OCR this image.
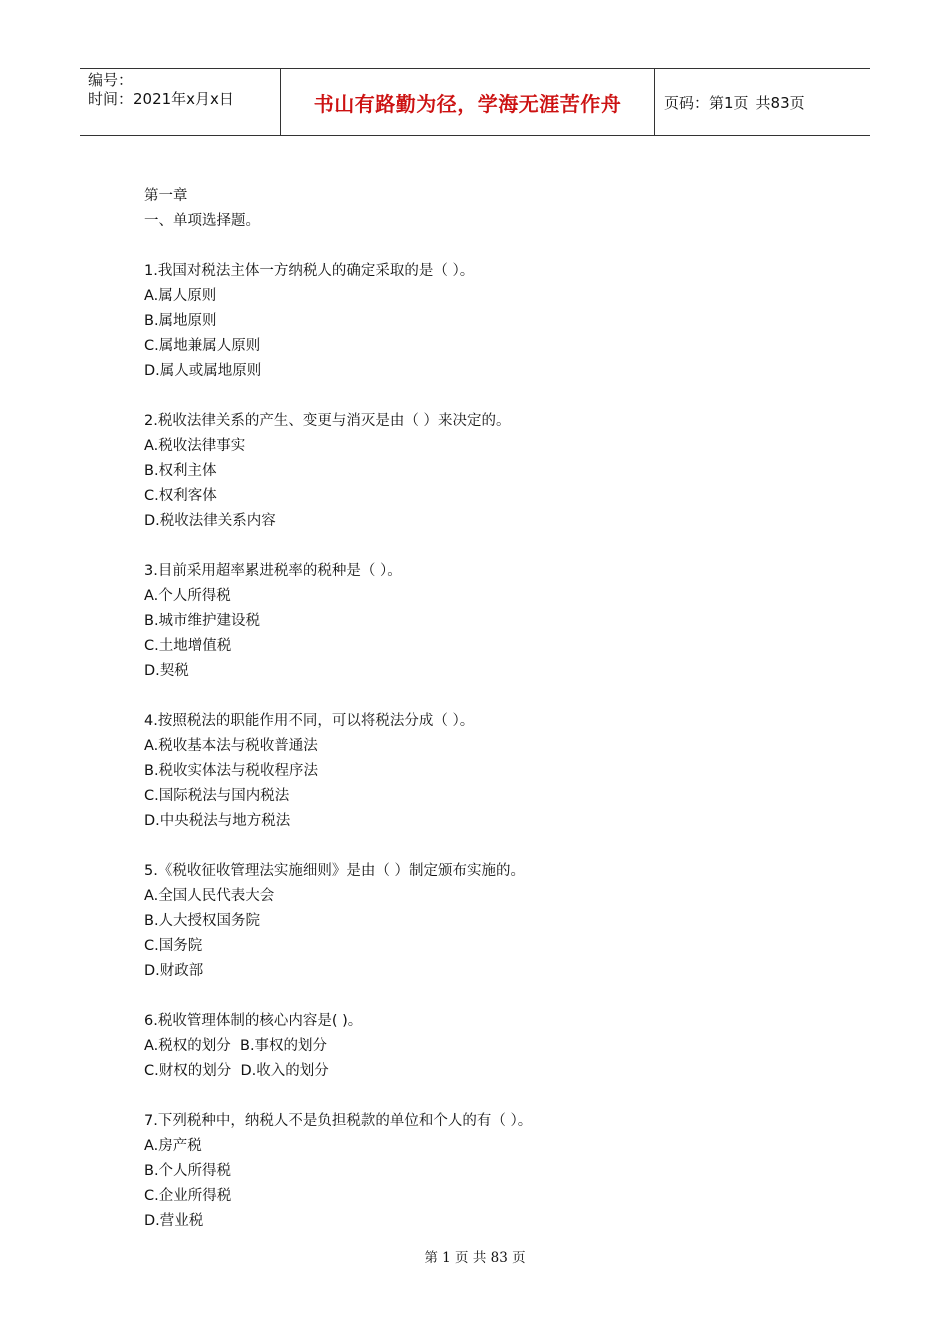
编号：
时间：2021年x月x日	书山有路勤为径，学海无涯苦作舟	页码：第1页 共83页

第一章

一、单项选择题。

1.我国对税法主体一方纳税人的确定采取的是（ ）。

A.属人原则

B.属地原则

C.属地兼属人原则

D.属人或属地原则

2.税收法律关系的产生、变更与消灭是由（ ）来决定的。

A.税收法律事实

B.权利主体

C.权利客体

D.税收法律关系内容

3.目前采用超率累进税率的税种是（ ）。

A.个人所得税

B.城市维护建设税

C.土地增值税

D.契税

4.按照税法的职能作用不同，可以将税法分成（ ）。

A.税收基本法与税收普通法

B.税收实体法与税收程序法

C.国际税法与国内税法

D.中央税法与地方税法

5.《税收征收管理法实施细则》是由（ ）制定颁布实施的。

A.全国人民代表大会

B.人大授权国务院

C.国务院

D.财政部

6.税收管理体制的核心内容是( )。

A.税权的划分  B.事权的划分

C.财权的划分  D.收入的划分

7.下列税种中，纳税人不是负担税款的单位和个人的有（ ）。

A.房产税

B.个人所得税

C.企业所得税

D.营业税

第 1 页 共 83 页
